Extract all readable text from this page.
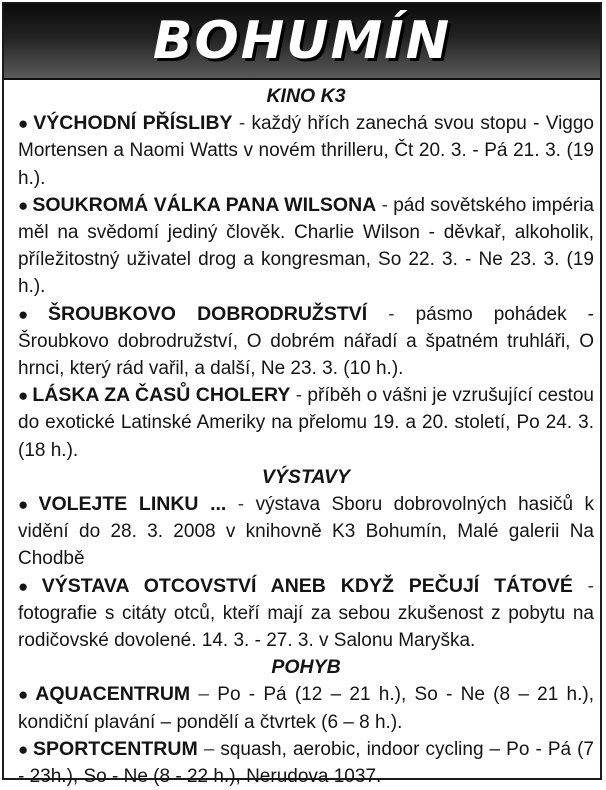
BOHUMÍN
KINO K3

● VÝCHODNÍ PŘÍSLIBY - každý hřích zanechá svou stopu - Viggo Mortensen a Naomi Watts v novém thrilleru, Čt 20. 3. - Pá 21. 3. (19 h.).

● SOUKROMÁ VÁLKA PANA WILSONA - pád sovětského impéria měl na svědomí jediný člověk. Charlie Wilson - děvkař, alkoholik, příležitostný uživatel drog a kongresman, So 22. 3. - Ne 23. 3. (19 h.).

● ŠROUBKOVO DOBRODRUŽSTVÍ - pásmo pohádek - Šroubkovo dobrodružství, O dobrém nářadí a špatném truhláři, O hrnci, který rád vařil, a další, Ne 23. 3. (10 h.).

● LÁSKA ZA ČASŮ CHOLERY - příběh o vášni je vzrušující cestou do exotické Latinské Ameriky na přelomu 19. a 20. století, Po 24. 3. (18 h.).

VÝSTAVY

● VOLEJTE LINKU ... - výstava Sboru dobrovolných hasičů k vidění do 28. 3. 2008 v knihovně K3 Bohumín, Malé galerii Na Chodbě

● VÝSTAVA OTCOVSTVÍ ANEB KDYŽ PEČUJÍ TÁTOVÉ - fotografie s citáty otců, kteří mají za sebou zkušenost z pobytu na rodičovské dovolené. 14. 3. - 27. 3. v Salonu Maryška.

POHYB

● AQUACENTRUM – Po - Pá (12 – 21 h.), So - Ne (8 – 21 h.), kondiční plavání – pondělí a čtvrtek (6 – 8 h.).

● SPORTCENTRUM – squash, aerobic, indoor cycling – Po - Pá (7 - 23h.), So - Ne (8 - 22 h.), Nerudova 1037.
